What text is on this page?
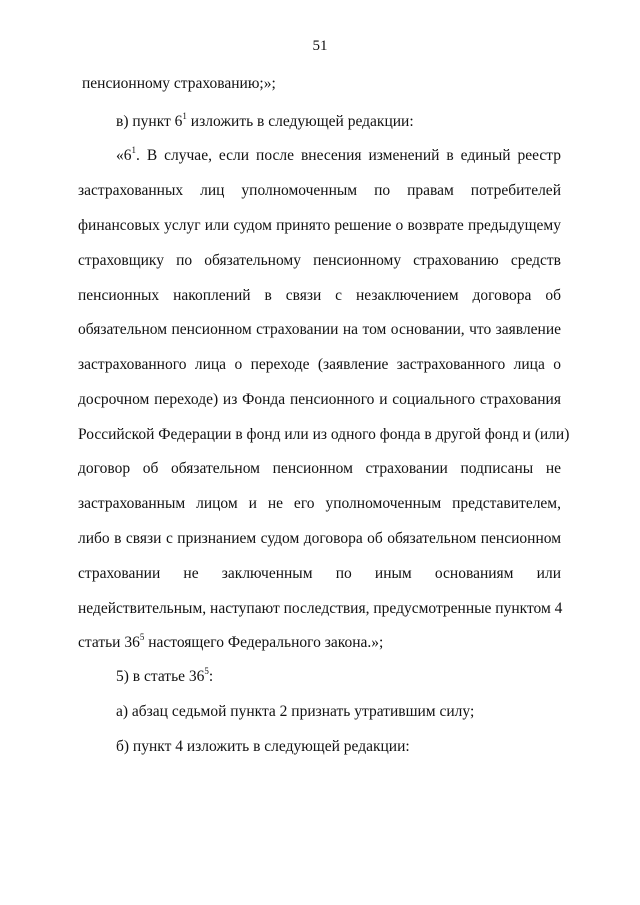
51
пенсионному страхованию;»;
в) пункт $6^1$ изложить в следующей редакции:
«$6^1$. В случае, если после внесения изменений в единый реестр
застрахованных лиц уполномоченным по правам потребителей
финансовых услуг или судом принято решение о возврате предыдущему
страховщику по обязательному пенсионному страхованию средств
пенсионных накоплений в связи с незаключением договора об
обязательном пенсионном страховании на том основании, что заявление
застрахованного лица о переходе (заявление застрахованного лица о
досрочном переходе) из Фонда пенсионного и социального страхования
Российской Федерации в фонд или из одного фонда в другой фонд и (или)
договор об обязательном пенсионном страховании подписаны не
застрахованным лицом и не его уполномоченным представителем,
либо в связи с признанием судом договора об обязательном пенсионном
страховании не заключенным по иным основаниям или
недействительным, наступают последствия, предусмотренные пунктом 4
статьи $36^5$ настоящего Федерального закона.»;
5) в статье $36^5$:
а) абзац седьмой пункта 2 признать утратившим силу;
б) пункт 4 изложить в следующей редакции:
